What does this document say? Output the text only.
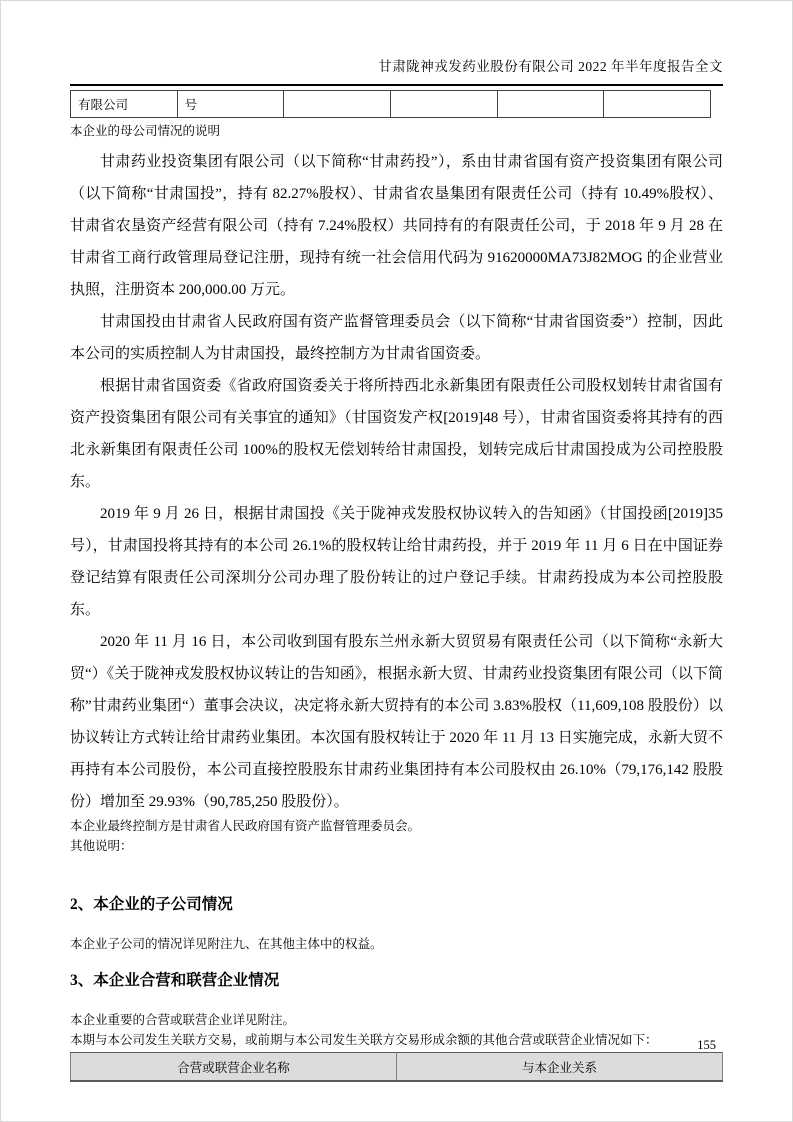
甘肃陇神戎发药业股份有限公司 2022 年半年度报告全文
有限公司	号				
本企业的母公司情况的说明

甘肃药业投资集团有限公司（以下简称“甘肃药投”），系由甘肃省国有资产投资集团有限公司（以下简称“甘肃国投”，持有 82.27%股权）、甘肃省农垦集团有限责任公司（持有 10.49%股权）、甘肃省农垦资产经营有限公司（持有 7.24%股权）共同持有的有限责任公司，于 2018 年 9 月 28 在甘肃省工商行政管理局登记注册，现持有统一社会信用代码为 91620000MA73J82MOG 的企业营业执照，注册资本 200,000.00 万元。

甘肃国投由甘肃省人民政府国有资产监督管理委员会（以下简称“甘肃省国资委”）控制，因此本公司的实质控制人为甘肃国投，最终控制方为甘肃省国资委。

根据甘肃省国资委《省政府国资委关于将所持西北永新集团有限责任公司股权划转甘肃省国有资产投资集团有限公司有关事宜的通知》（甘国资发产权[2019]48 号），甘肃省国资委将其持有的西北永新集团有限责任公司 100%的股权无偿划转给甘肃国投，划转完成后甘肃国投成为公司控股股东。

2019 年 9 月 26 日，根据甘肃国投《关于陇神戎发股权协议转入的告知函》（甘国投函[2019]35 号），甘肃国投将其持有的本公司 26.1%的股权转让给甘肃药投，并于 2019 年 11 月 6 日在中国证券登记结算有限责任公司深圳分公司办理了股份转让的过户登记手续。甘肃药投成为本公司控股股东。

2020 年 11 月 16 日，本公司收到国有股东兰州永新大贸贸易有限责任公司（以下简称“永新大贸“）《关于陇神戎发股权协议转让的告知函》，根据永新大贸、甘肃药业投资集团有限公司（以下简称”甘肃药业集团“）董事会决议，决定将永新大贸持有的本公司 3.83%股权（11,609,108 股股份）以协议转让方式转让给甘肃药业集团。本次国有股权转让于 2020 年 11 月 13 日实施完成，永新大贸不再持有本公司股份，本公司直接控股股东甘肃药业集团持有本公司股权由 26.10%（79,176,142 股股份）增加至 29.93%（90,785,250 股股份）。

本企业最终控制方是甘肃省人民政府国有资产监督管理委员会。
其他说明：
2、本企业的子公司情况
本企业子公司的情况详见附注九、在其他主体中的权益。
3、本企业合营和联营企业情况
本企业重要的合营或联营企业详见附注。
本期与本公司发生关联方交易，或前期与本公司发生关联方交易形成余额的其他合营或联营企业情况如下：
合营或联营企业名称	与本企业关系
155
